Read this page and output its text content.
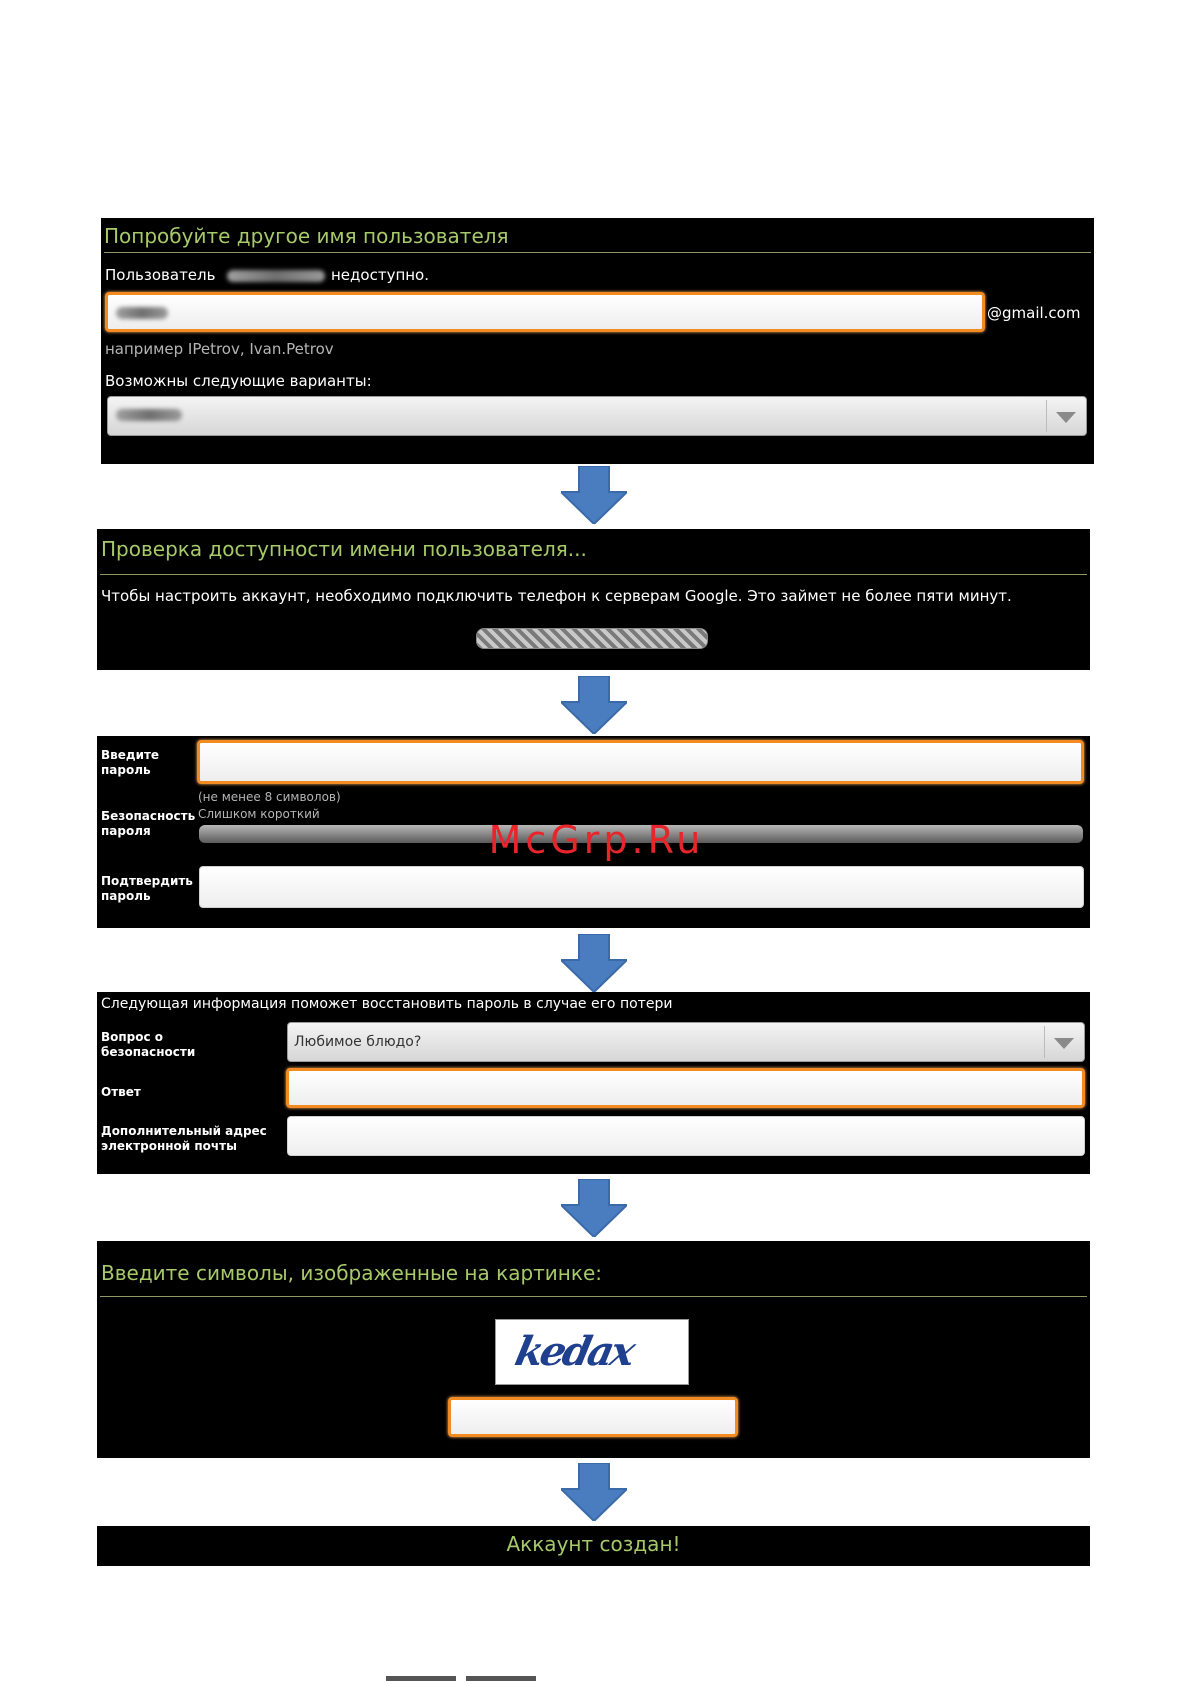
Попробуйте другое имя пользователя
Пользователь	недоступно.
@gmail.com
например IPetrov, Ivan.Petrov
Возможны следующие варианты:
Проверка доступности имени пользователя...
Чтобы настроить аккаунт, необходимо подключить телефон к серверам Google. Это займет не более пяти минут.
Введите пароль
(не менее 8 символов)
Безопасность пароля
Слишком короткий
Подтвердить пароль
Следующая информация поможет восстановить пароль в случае его потери
Вопрос о безопасности
Любимое блюдо?
Ответ
Дополнительный адрес электронной почты
Введите символы, изображенные на картинке:
kedax
Аккаунт создан!
McGrp.Ru
